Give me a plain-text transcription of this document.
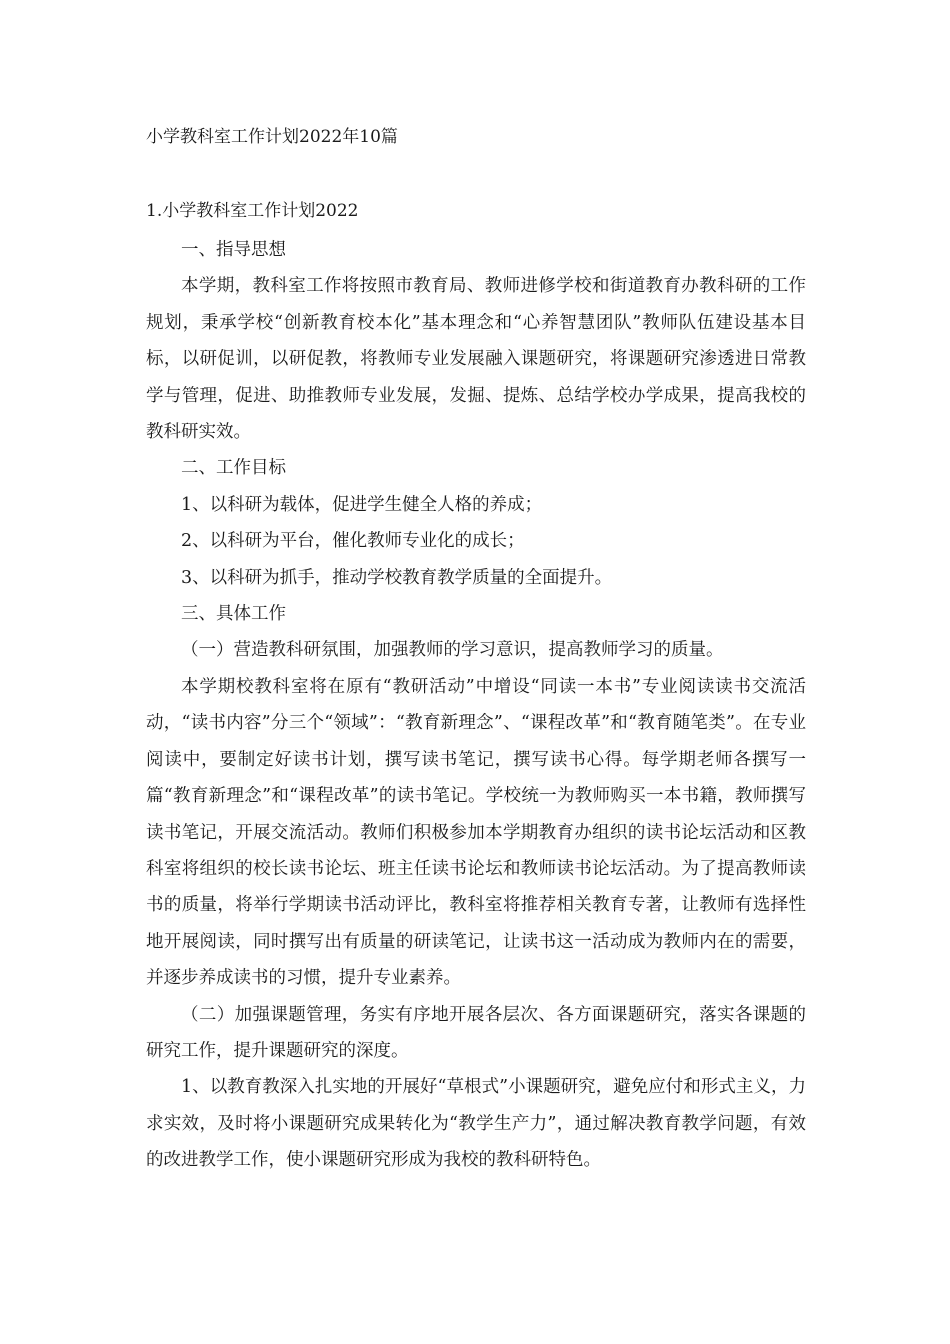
小学教科室工作计划2022年10篇
1.小学教科室工作计划2022

一、指导思想

本学期，教科室工作将按照市教育局、教师进修学校和街道教育办教科研的工作规划，秉承学校“创新教育校本化”基本理念和“心养智慧团队”教师队伍建设基本目标，以研促训，以研促教，将教师专业发展融入课题研究，将课题研究渗透进日常教学与管理，促进、助推教师专业发展，发掘、提炼、总结学校办学成果，提高我校的教科研实效。

二、工作目标

1、以科研为载体，促进学生健全人格的养成；

2、以科研为平台，催化教师专业化的成长；

3、以科研为抓手，推动学校教育教学质量的全面提升。

三、具体工作

（一）营造教科研氛围，加强教师的学习意识，提高教师学习的质量。

本学期校教科室将在原有“教研活动”中增设“同读一本书”专业阅读读书交流活动，“读书内容”分三个“领域”：“教育新理念”、“课程改革”和“教育随笔类”。在专业阅读中，要制定好读书计划，撰写读书笔记，撰写读书心得。每学期老师各撰写一篇“教育新理念”和“课程改革”的读书笔记。学校统一为教师购买一本书籍，教师撰写读书笔记，开展交流活动。教师们积极参加本学期教育办组织的读书论坛活动和区教科室将组织的校长读书论坛、班主任读书论坛和教师读书论坛活动。为了提高教师读书的质量，将举行学期读书活动评比，教科室将推荐相关教育专著，让教师有选择性地开展阅读，同时撰写出有质量的研读笔记，让读书这一活动成为教师内在的需要，并逐步养成读书的习惯，提升专业素养。

（二）加强课题管理，务实有序地开展各层次、各方面课题研究，落实各课题的研究工作，提升课题研究的深度。

1、以教育教深入扎实地的开展好“草根式”小课题研究，避免应付和形式主义，力求实效，及时将小课题研究成果转化为“教学生产力”，通过解决教育教学问题，有效的改进教学工作，使小课题研究形成为我校的教科研特色。
